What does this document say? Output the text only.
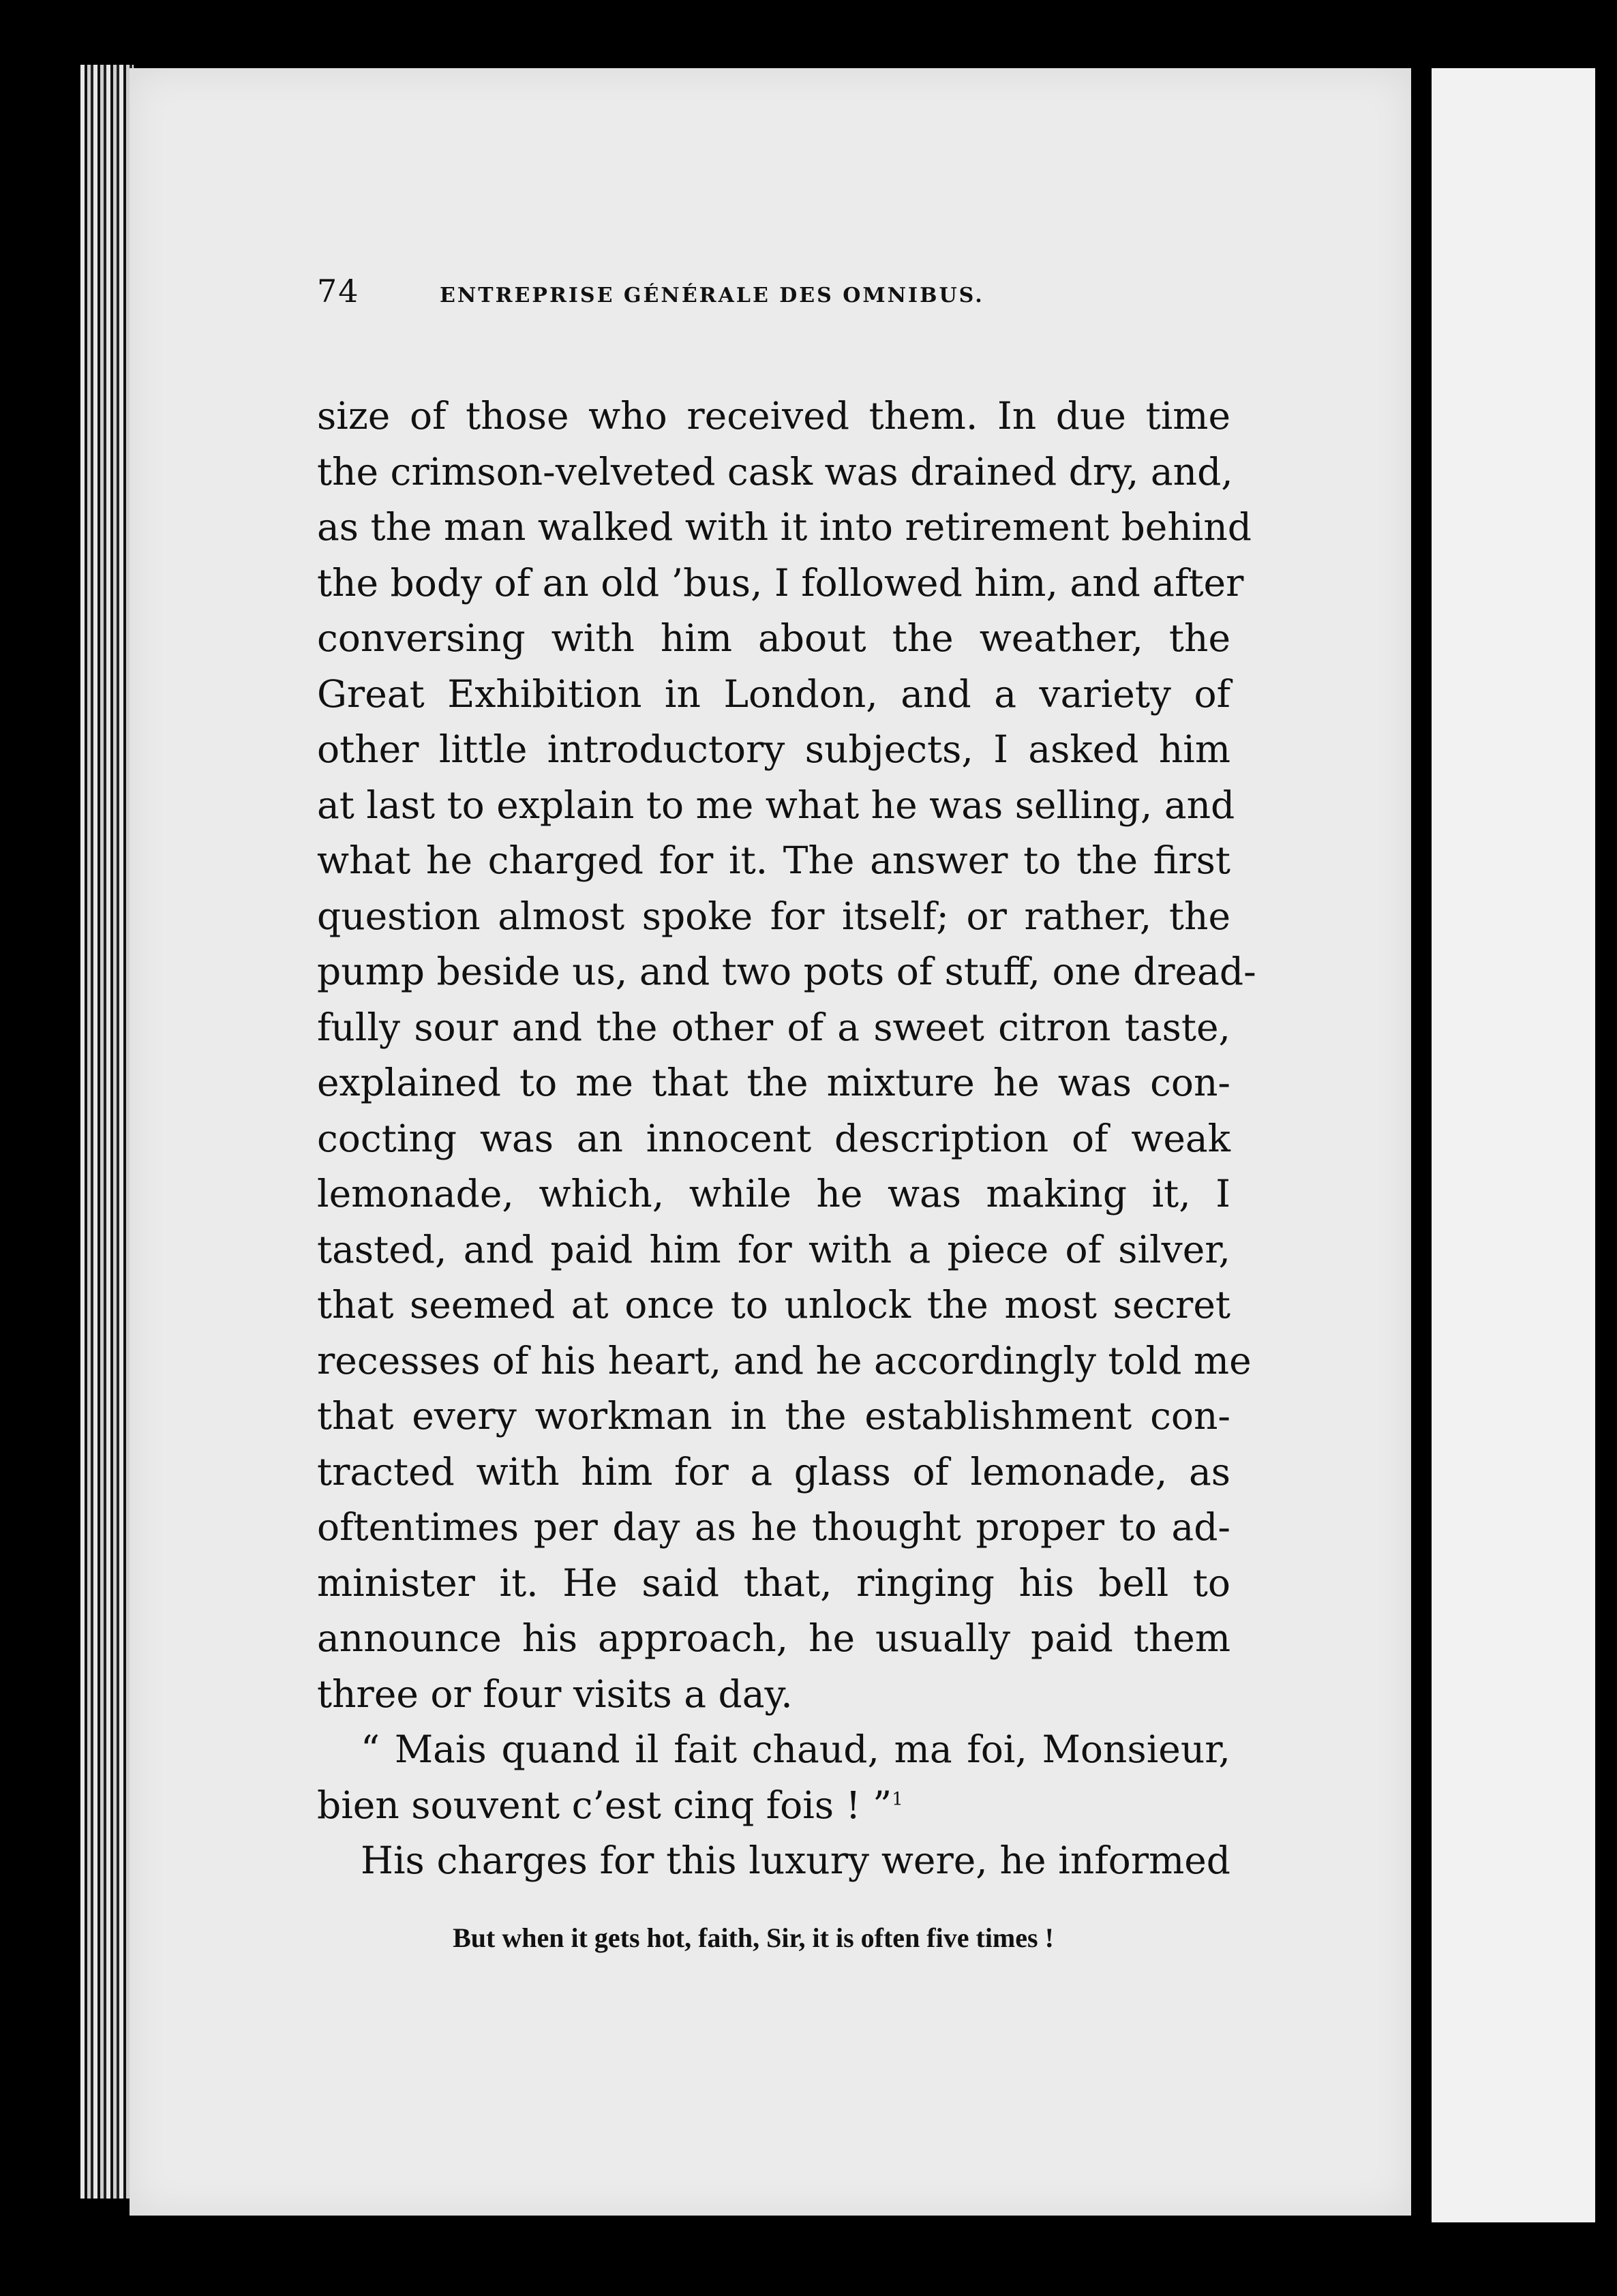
74	ENTREPRISE GÉNÉRALE DES OMNIBUS.
size of those who received them. In due time
the crimson-velveted cask was drained dry, and,
as the man walked with it into retirement behind
the body of an old ’bus, I followed him, and after
conversing with him about the weather, the
Great Exhibition in London, and a variety of
other little introductory subjects, I asked him
at last to explain to me what he was selling, and
what he charged for it. The answer to the first
question almost spoke for itself; or rather, the
pump beside us, and two pots of stuff, one dread-
fully sour and the other of a sweet citron taste,
explained to me that the mixture he was con-
cocting was an innocent description of weak
lemonade, which, while he was making it, I
tasted, and paid him for with a piece of silver,
that seemed at once to unlock the most secret
recesses of his heart, and he accordingly told me
that every workman in the establishment con-
tracted with him for a glass of lemonade, as
oftentimes per day as he thought proper to ad-
minister it. He said that, ringing his bell to
announce his approach, he usually paid them
three or four visits a day.
“ Mais quand il fait chaud, ma foi, Monsieur,
bien souvent c’est cinq fois ! ”$^1$
His charges for this luxury were, he informed
But when it gets hot, faith, Sir, it is often five times !
